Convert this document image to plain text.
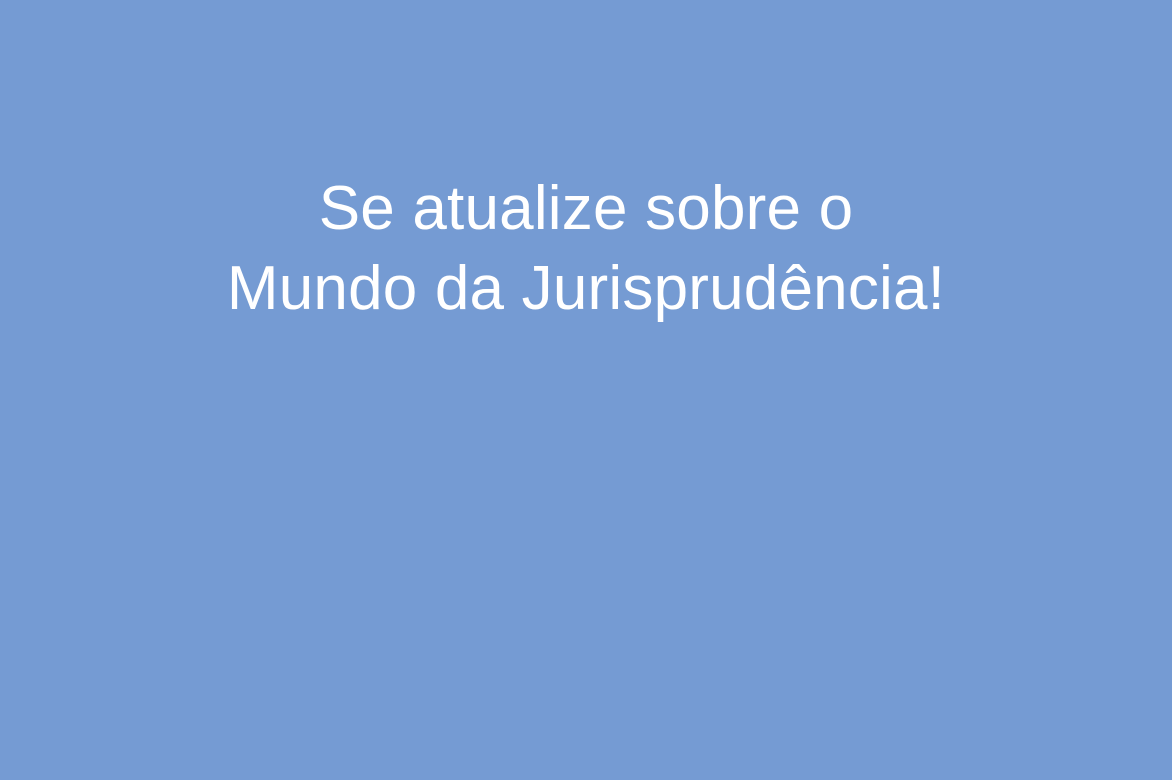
Se atualize sobre o
Mundo da Jurisprudência!
